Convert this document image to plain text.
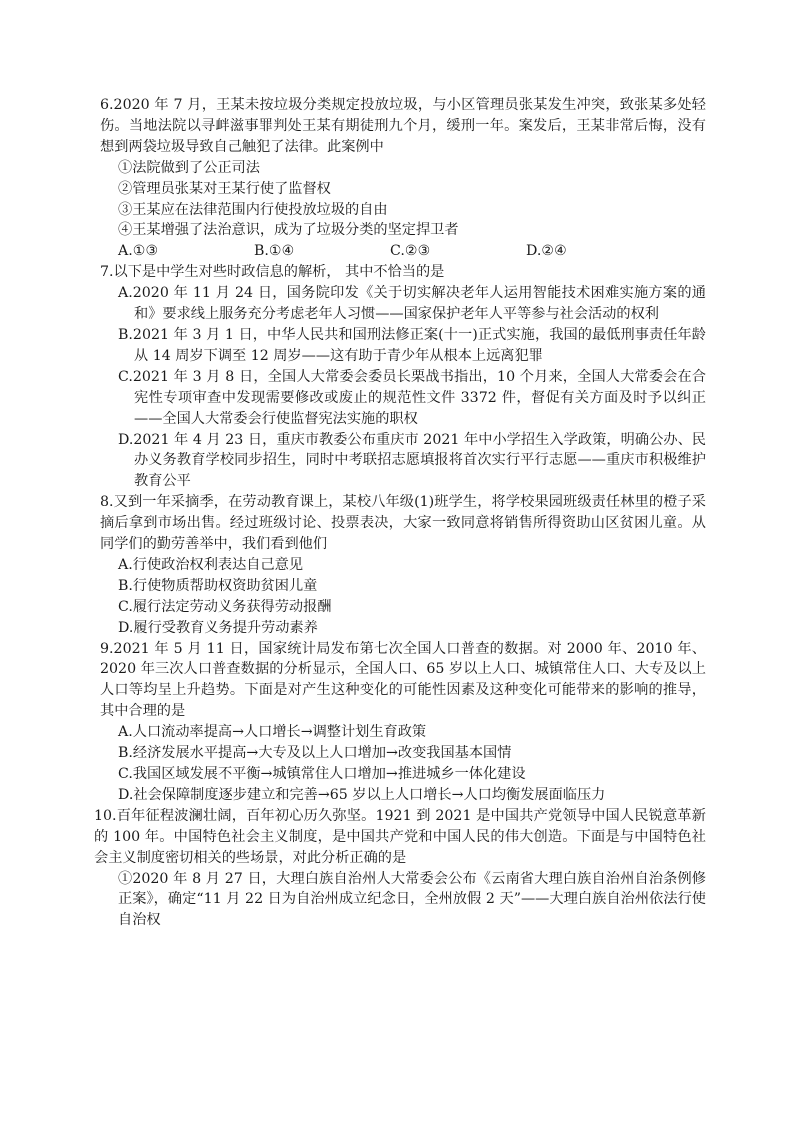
6.2020 年 7 月，王某未按垃圾分类规定投放垃圾，与小区管理员张某发生冲突，致张某多处轻伤。当地法院以寻衅滋事罪判处王某有期徒刑九个月，缓刑一年。案发后，王某非常后悔，没有想到两袋垃圾导致自己触犯了法律。此案例中
①法院做到了公正司法
②管理员张某对王某行使了监督权
③王某应在法律范围内行使投放垃圾的自由
④王某增强了法治意识，成为了垃圾分类的坚定捍卫者
A.①③	B.①④	C.②③	D.②④
7.以下是中学生对些时政信息的解析， 其中不恰当的是
A.2020 年 11 月 24 日，国务院印发《关于切实解决老年人运用智能技术困难实施方案的通和》要求线上服务充分考虑老年人习惯——国家保护老年人平等参与社会活动的权利
B.2021 年 3 月 1 日，中华人民共和国刑法修正案(十一)正式实施，我国的最低刑事责任年龄从 14 周岁下调至 12 周岁——这有助于青少年从根本上远离犯罪
C.2021 年 3 月 8 日，全国人大常委会委员长栗战书指出，10 个月来，全国人大常委会在合宪性专项审查中发现需要修改或废止的规范性文件 3372 件，督促有关方面及时予以纠正——全国人大常委会行使监督宪法实施的职权
D.2021 年 4 月 23 日，重庆市教委公布重庆市 2021 年中小学招生入学政策，明确公办、民办义务教育学校同步招生，同时中考联招志愿填报将首次实行平行志愿——重庆市积极维护教育公平
8.又到一年采摘季，在劳动教育课上，某校八年级(1)班学生，将学校果园班级责任林里的橙子采摘后拿到市场出售。经过班级讨论、投票表决，大家一致同意将销售所得资助山区贫困儿童。从同学们的勤劳善举中，我们看到他们
A.行使政治权利表达自己意见
B.行使物质帮助权资助贫困儿童
C.履行法定劳动义务获得劳动报酬
D.履行受教育义务提升劳动素养
9.2021 年 5 月 11 日，国家统计局发布第七次全国人口普查的数据。对 2000 年、2010 年、2020 年三次人口普查数据的分析显示，全国人口、65 岁以上人口、城镇常住人口、大专及以上人口等均呈上升趋势。下面是对产生这种变化的可能性因素及这种变化可能带来的影响的推导，其中合理的是
A.人口流动率提高→人口增长→调整计划生育政策
B.经济发展水平提高→大专及以上人口增加→改变我国基本国情
C.我国区域发展不平衡→城镇常住人口增加→推进城乡一体化建设
D.社会保障制度逐步建立和完善→65 岁以上人口增长→人口均衡发展面临压力
10.百年征程波澜壮阔，百年初心历久弥坚。1921 到 2021 是中国共产党领导中国人民锐意革新的 100 年。中国特色社会主义制度，是中国共产党和中国人民的伟大创造。下面是与中国特色社会主义制度密切相关的些场景，对此分析正确的是
①2020 年 8 月 27 日，大理白族自治州人大常委会公布《云南省大理白族自治州自治条例修正案》，确定“11 月 22 日为自治州成立纪念日，全州放假 2 天”——大理白族自治州依法行使自治权
